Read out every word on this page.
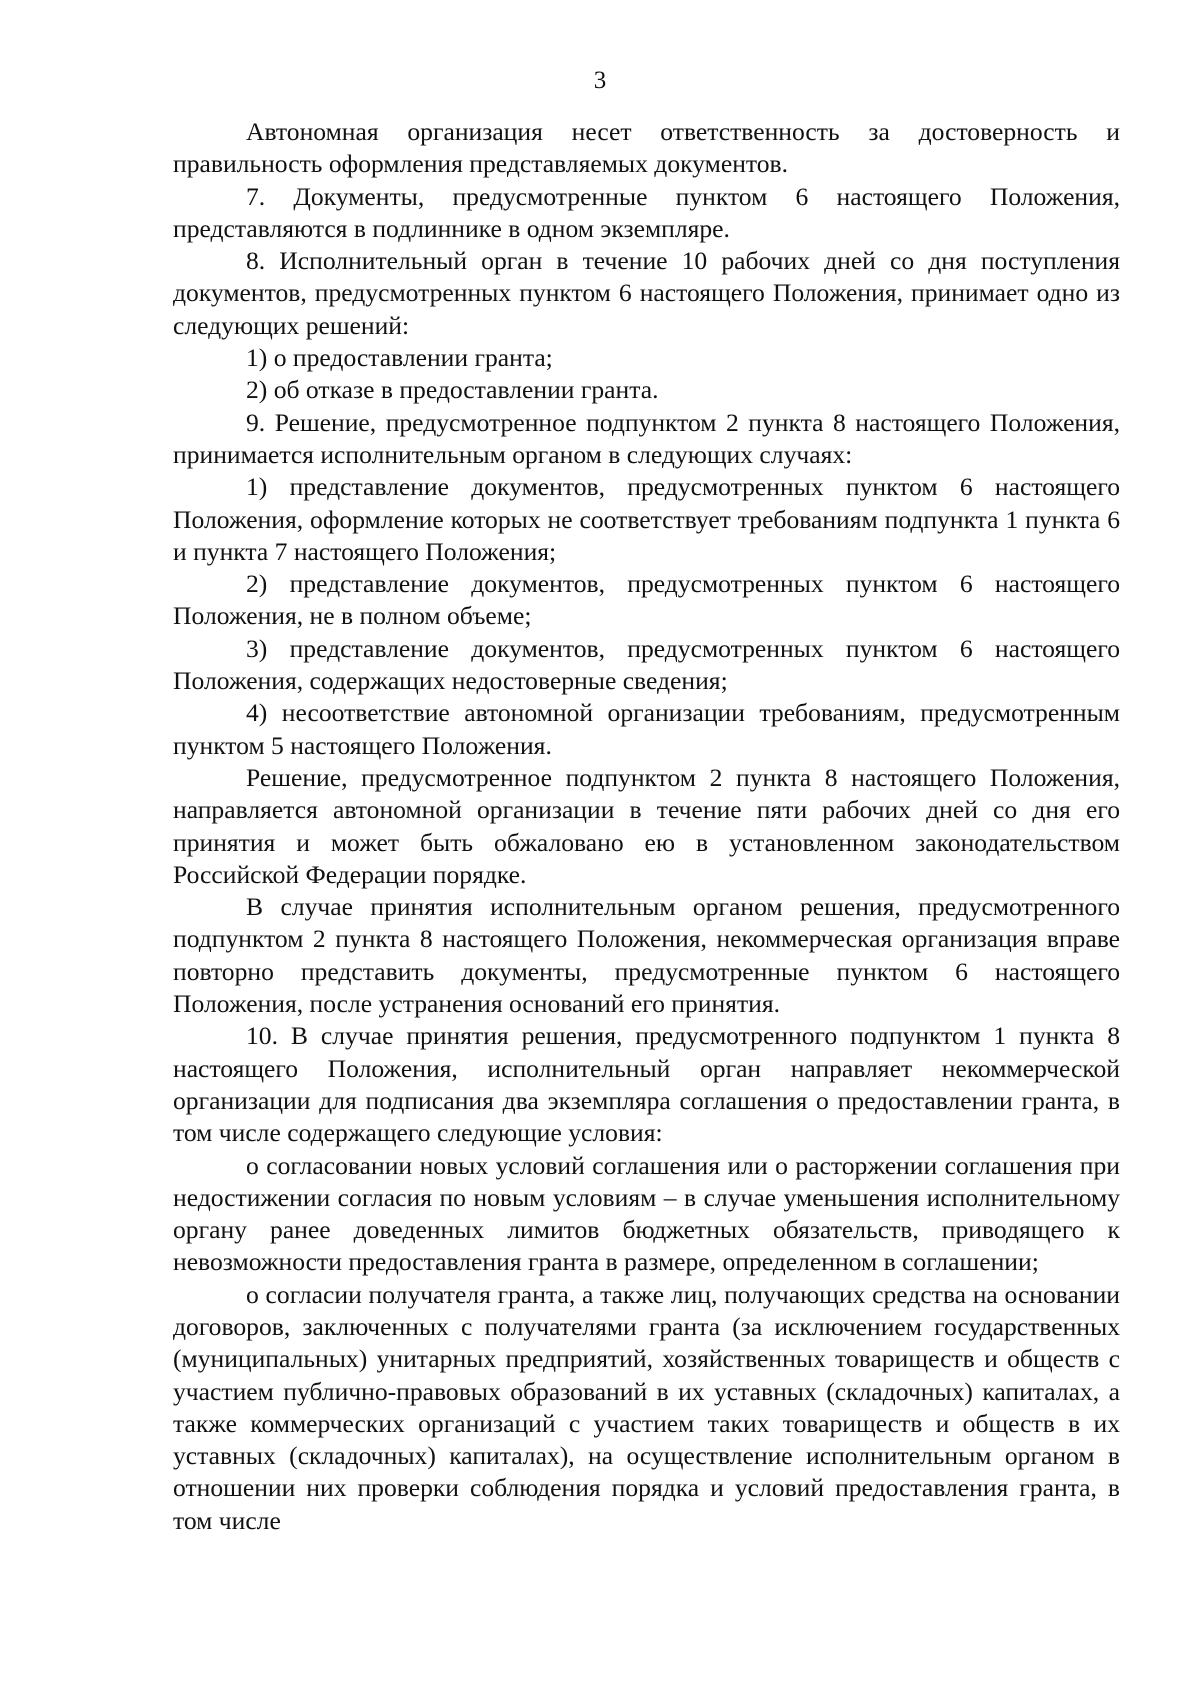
3

Автономная организация несет ответственность за достоверность и правильность оформления представляемых документов.

7. Документы, предусмотренные пунктом 6 настоящего Положения, представляются в подлиннике в одном экземпляре.

8. Исполнительный орган в течение 10 рабочих дней со дня поступления документов, предусмотренных пунктом 6 настоящего Положения, принимает одно из следующих решений:

1) о предоставлении гранта;

2) об отказе в предоставлении гранта.

9. Решение, предусмотренное подпунктом 2 пункта 8 настоящего Положения, принимается исполнительным органом в следующих случаях:

1) представление документов, предусмотренных пунктом 6 настоящего Положения, оформление которых не соответствует требованиям подпункта 1 пункта 6 и пункта 7 настоящего Положения;

2) представление документов, предусмотренных пунктом 6 настоящего Положения, не в полном объеме;

3) представление документов, предусмотренных пунктом 6 настоящего Положения, содержащих недостоверные сведения;

4) несоответствие автономной организации требованиям, предусмотренным пунктом 5 настоящего Положения.

Решение, предусмотренное подпунктом 2 пункта 8 настоящего Положения, направляется автономной организации в течение пяти рабочих дней со дня его принятия и может быть обжаловано ею в установленном законодательством Российской Федерации порядке.

В случае принятия исполнительным органом решения, предусмотренного подпунктом 2 пункта 8 настоящего Положения, некоммерческая организация вправе повторно представить документы, предусмотренные пунктом 6 настоящего Положения, после устранения оснований его принятия.

10. В случае принятия решения, предусмотренного подпунктом 1 пункта 8 настоящего Положения, исполнительный орган направляет некоммерческой организации для подписания два экземпляра соглашения о предоставлении гранта, в том числе содержащего следующие условия:

о согласовании новых условий соглашения или о расторжении соглашения при недостижении согласия по новым условиям – в случае уменьшения исполнительному органу ранее доведенных лимитов бюджетных обязательств, приводящего к невозможности предоставления гранта в размере, определенном в соглашении;

о согласии получателя гранта, а также лиц, получающих средства на основании договоров, заключенных с получателями гранта (за исключением государственных (муниципальных) унитарных предприятий, хозяйственных товариществ и обществ с участием публично-правовых образований в их уставных (складочных) капиталах, а также коммерческих организаций с участием таких товариществ и обществ в их уставных (складочных) капиталах), на осуществление исполнительным органом в отношении них проверки соблюдения порядка и условий предоставления гранта, в том числе
